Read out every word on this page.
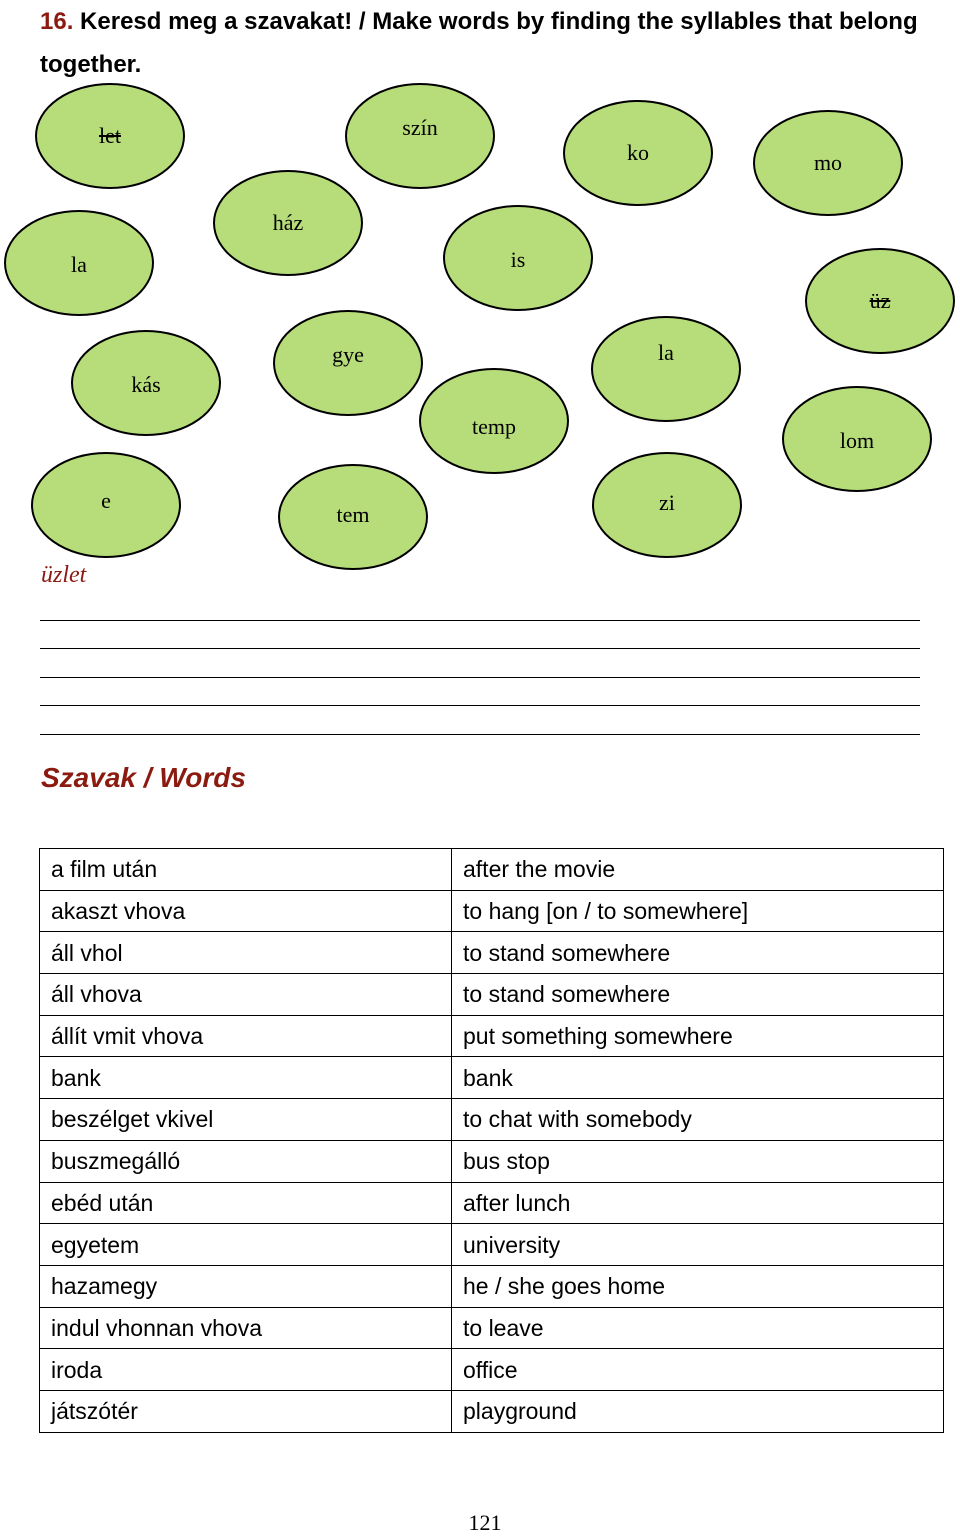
16. Keresd meg a szavakat! / Make words by finding the syllables that belong together.
let	szín
ko	mo
ház
la	is
üz
gye	la
kás
temp
lom
e
tem	zi
üzlet
Szavak / Words
a film után	after the movie
akaszt vhova	to hang [on / to somewhere]
áll vhol	to stand somewhere
áll vhova	to stand somewhere
állít vmit vhova	put something somewhere
bank	bank
beszélget vkivel	to chat with somebody
buszmegálló	bus stop
ebéd után	after lunch
egyetem	university
hazamegy	he / she goes home
indul vhonnan vhova	to leave
iroda	office
játszótér	playground
121
